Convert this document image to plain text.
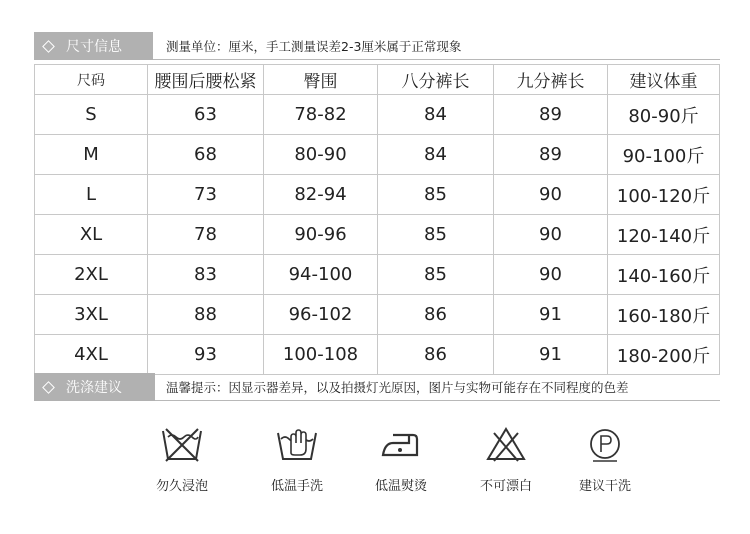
尺寸信息	测量单位：厘米，手工测量误差2-3厘米属于正常现象
尺码	腰围后腰松紧	臀围	八分裤长	九分裤长	建议体重
S	63	78-82	84	89	80-90斤
M	68	80-90	84	89	90-100斤
L	73	82-94	85	90	100-120斤
XL	78	90-96	85	90	120-140斤
2XL	83	94-100	85	90	140-160斤
3XL	88	96-102	86	91	160-180斤
4XL	93	100-108	86	91	180-200斤
洗涤建议	温馨提示：因显示器差异，以及拍摄灯光原因，图片与实物可能存在不同程度的色差
勿久浸泡	低温手洗	低温熨烫	不可漂白	建议干洗
